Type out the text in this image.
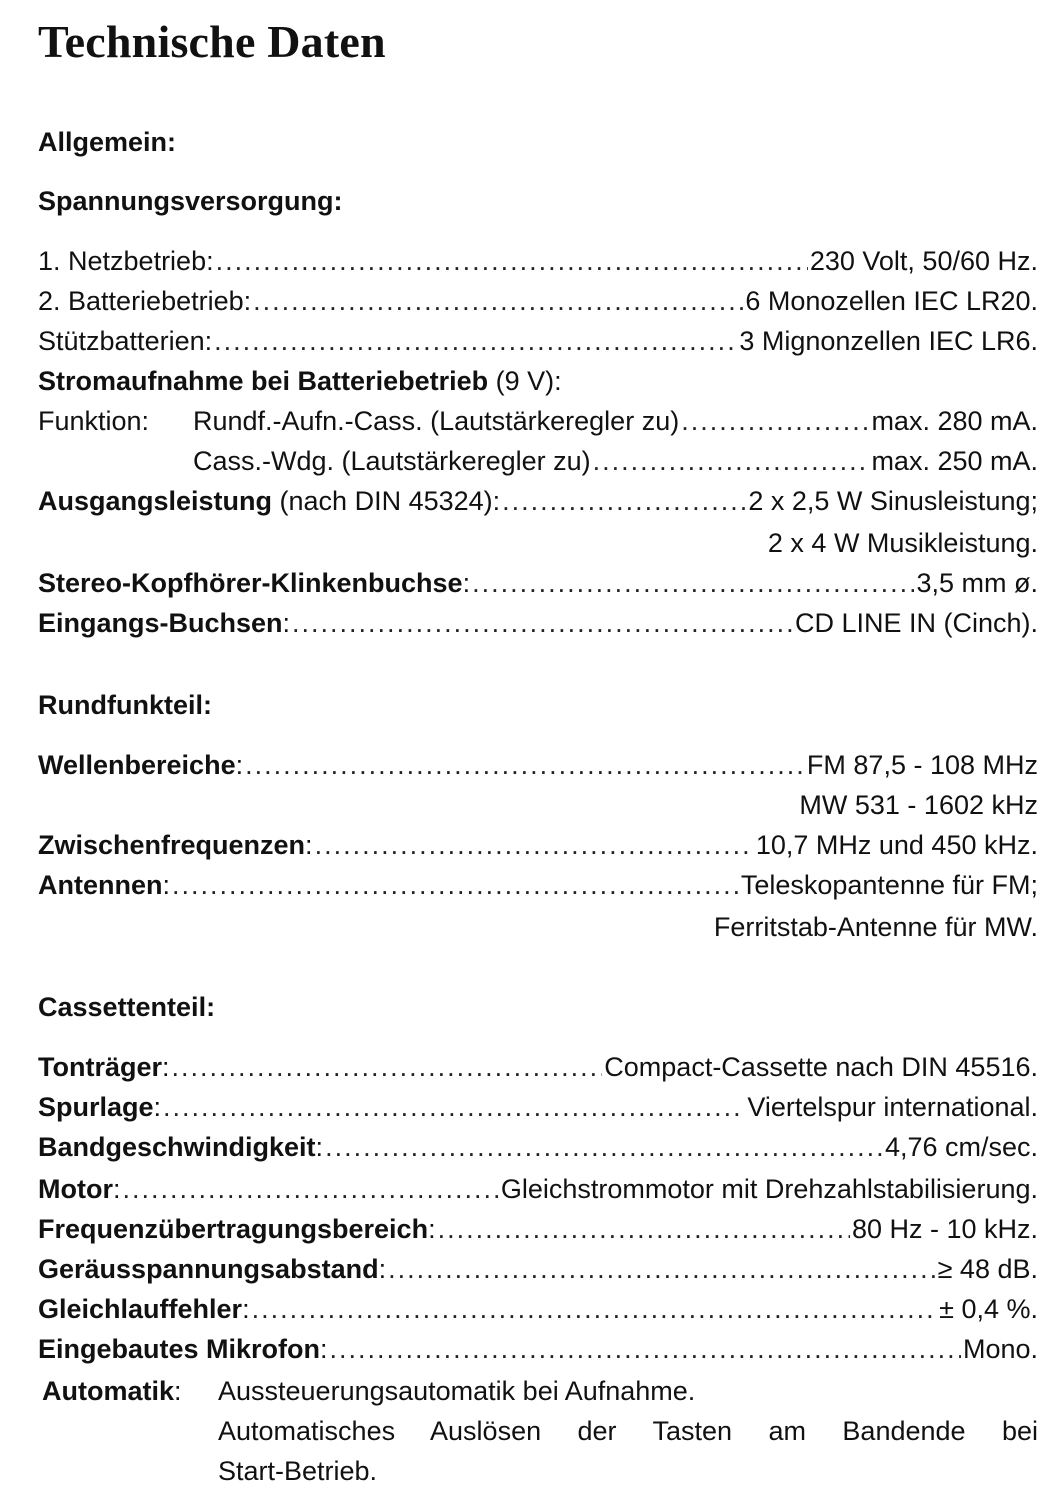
Technische Daten
Allgemein:
Spannungsversorgung:
1. Netzbetrieb: .....	230 Volt, 50/60 Hz.
2. Batteriebetrieb: .....	6 Monozellen IEC LR20.
Stützbatterien: .....	3 Mignonzellen IEC LR6.
Stromaufnahme bei Batteriebetrieb (9 V):
Funktion: Rundf.-Aufn.-Cass. (Lautstärkeregler zu) .....	max. 280 mA.
Cass.-Wdg. (Lautstärkeregler zu) .....	max. 250 mA.
Ausgangsleistung (nach DIN 45324): .....	2 x 2,5 W Sinusleistung;
2 x 4 W Musikleistung.
Stereo-Kopfhörer-Klinkenbuchse: .....	3,5 mm ø.
Eingangs-Buchsen: .....	CD LINE IN (Cinch).
Rundfunkteil:
Wellenbereiche: .....	FM 87,5 - 108 MHz
MW 531 - 1602 kHz
Zwischenfrequenzen: .....	10,7 MHz und 450 kHz.
Antennen: .....	Teleskopantenne für FM;
Ferritstab-Antenne für MW.
Cassettenteil:
Tonträger: .....	Compact-Cassette nach DIN 45516.
Spurlage: .....	Viertelspur international.
Bandgeschwindigkeit: .....	4,76 cm/sec.
Motor: .....	Gleichstrommotor mit Drehzahlstabilisierung.
Frequenzübertragungsbereich: .....	80 Hz - 10 kHz.
Geräusspannungsabstand: .....	≥ 48 dB.
Gleichlauffehler: .....	± 0,4 %.
Eingebautes Mikrofon: .....	Mono.
Automatik: Aussteuerungsautomatik bei Aufnahme.
Automatisches Auslösen der Tasten am Bandende bei
Start-Betrieb.
